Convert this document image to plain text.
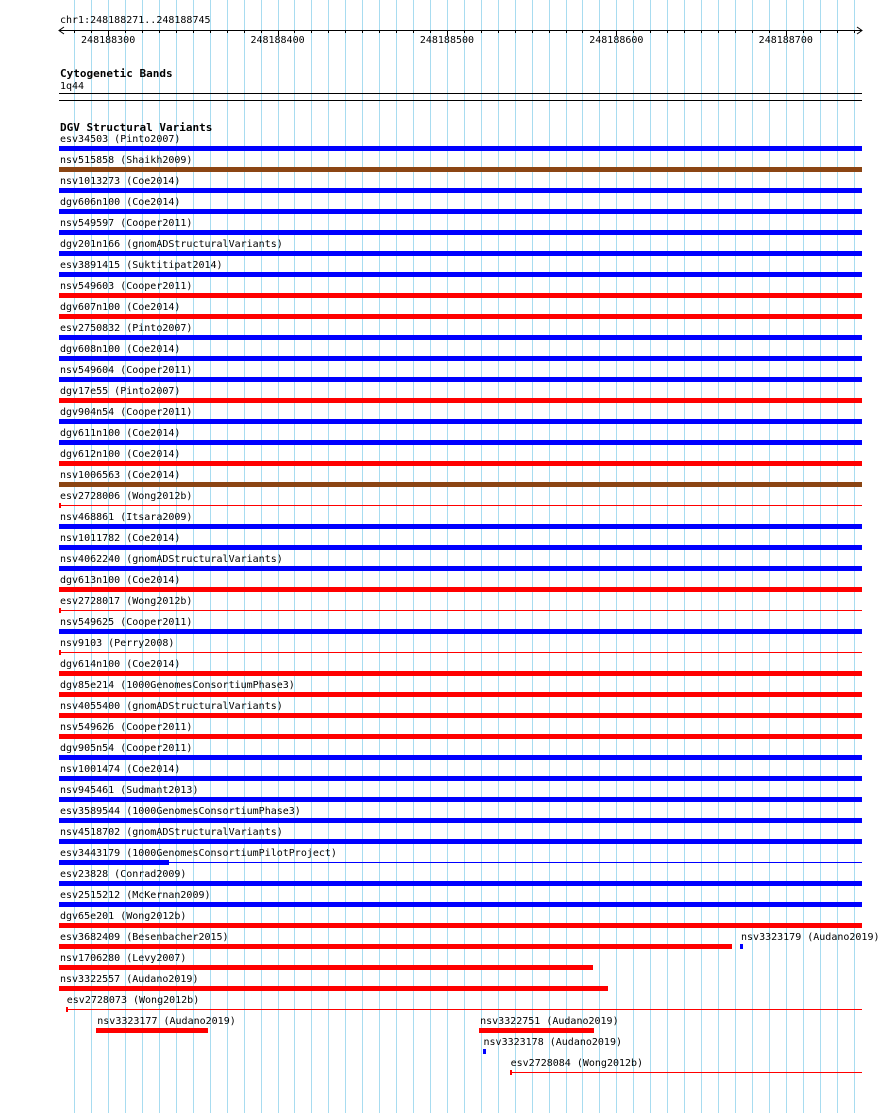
248188300	248188400	248188500	248188600	248188700
chr1:248188271..248188745
Cytogenetic Bands
1q44
DGV Structural Variants
esv34503 (Pinto2007)
nsv515858 (Shaikh2009)
nsv1013273 (Coe2014)
dgv606n100 (Coe2014)
nsv549597 (Cooper2011)
dgv201n166 (gnomADStructuralVariants)
esv3891415 (Suktitipat2014)
nsv549603 (Cooper2011)
dgv607n100 (Coe2014)
esv2750832 (Pinto2007)
dgv608n100 (Coe2014)
nsv549604 (Cooper2011)
dgv17e55 (Pinto2007)
dgv904n54 (Cooper2011)
dgv611n100 (Coe2014)
dgv612n100 (Coe2014)
nsv1006563 (Coe2014)
esv2728006 (Wong2012b)
nsv468861 (Itsara2009)
nsv1011782 (Coe2014)
nsv4062240 (gnomADStructuralVariants)
dgv613n100 (Coe2014)
esv2728017 (Wong2012b)
nsv549625 (Cooper2011)
nsv9103 (Perry2008)
dgv614n100 (Coe2014)
dgv85e214 (1000GenomesConsortiumPhase3)
nsv4055400 (gnomADStructuralVariants)
nsv549626 (Cooper2011)
dgv905n54 (Cooper2011)
nsv1001474 (Coe2014)
nsv945461 (Sudmant2013)
esv3589544 (1000GenomesConsortiumPhase3)
nsv4518702 (gnomADStructuralVariants)
esv3443179 (1000GenomesConsortiumPilotProject)
esv23828 (Conrad2009)
esv2515212 (McKernan2009)
dgv65e201 (Wong2012b)
esv3682409 (Besenbacher2015)	nsv3323179 (Audano2019)
nsv1706280 (Levy2007)
nsv3322557 (Audano2019)
esv2728073 (Wong2012b)
nsv3323177 (Audano2019)	nsv3322751 (Audano2019)
nsv3323178 (Audano2019)
esv2728084 (Wong2012b)
